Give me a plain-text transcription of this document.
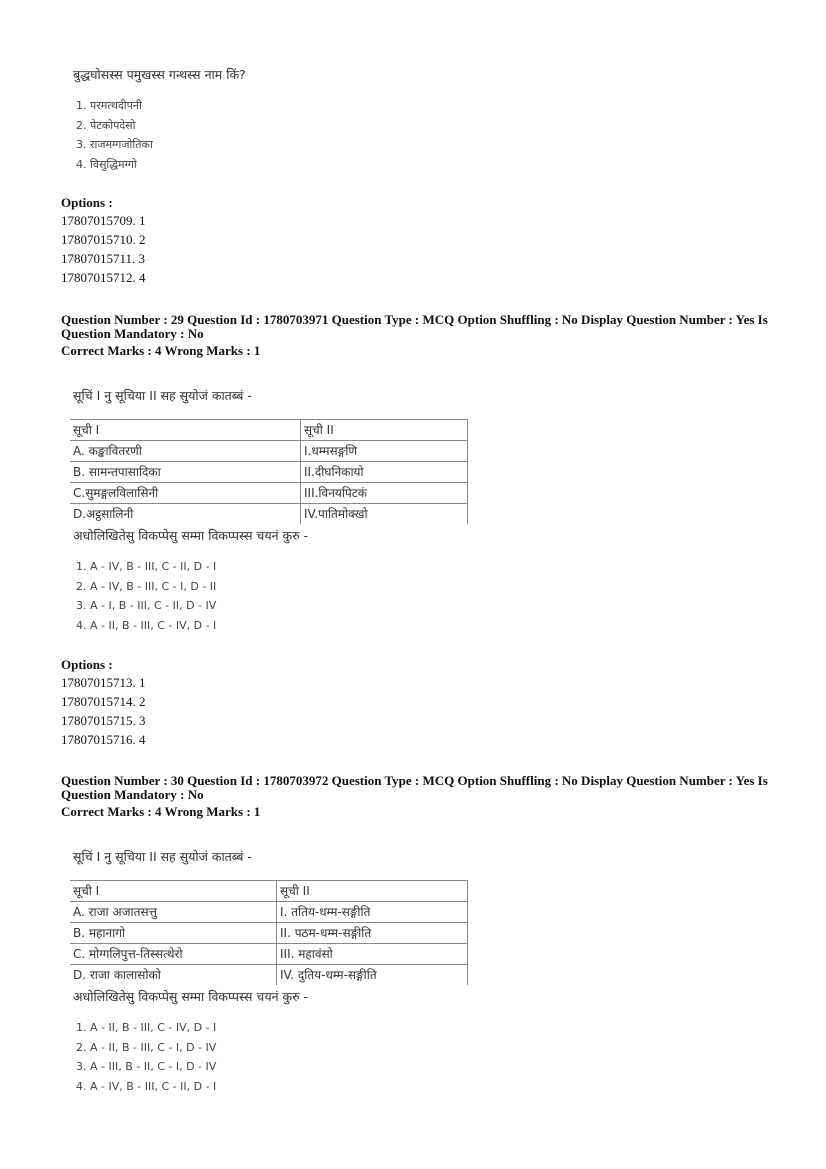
बुद्धघोसस्स पमुखस्स गन्थस्स नाम किं?
1. परमत्थदीपनी
2. पेटकोपदेसो
3. राजमग्गजोतिका
4. विसुद्धिमग्गो
Options :
17807015709. 1
17807015710. 2
17807015711. 3
17807015712. 4
Question Number : 29 Question Id : 1780703971 Question Type : MCQ Option Shuffling : No Display Question Number : Yes Is
Question Mandatory : No
Correct Marks : 4 Wrong Marks : 1
सूचिं I नु सूचिया II सह सुयोजं कातब्बं -
सूची I	सूची II
A. कङ्खावितरणी	I.धम्मसङ्गणि
B. सामन्तपासादिका	II.दीघनिकायो
C.सुमङ्गलविलासिनी	III.विनयपिटकं
D.अट्ठसालिनी	IV.पातिमोक्खो
अधोलिखितेसु विकप्पेसु सम्मा विकप्पस्स चयनं कुरु -
1. A - IV, B - III, C - II, D - I
2. A - IV, B - III, C - I, D - II
3. A - I, B - III, C - II, D - IV
4. A - II, B - III, C - IV, D - I
Options :
17807015713. 1
17807015714. 2
17807015715. 3
17807015716. 4
Question Number : 30 Question Id : 1780703972 Question Type : MCQ Option Shuffling : No Display Question Number : Yes Is
Question Mandatory : No
Correct Marks : 4 Wrong Marks : 1
सूचिं I नु सूचिया II सह सुयोजं कातब्बं -
सूची I	सूची II
A. राजा अजातसत्तु	I. ततिय-धम्म-सङ्गीति
B. महानागो	II. पठम-धम्म-सङ्गीति
C. मोग्गलिपुत्त-तिस्सत्थेरो	III. महावंसो
D. राजा कालासोको	IV. दुतिय-धम्म-सङ्गीति
अधोलिखितेसु विकप्पेसु सम्मा विकप्पस्स चयनं कुरु -
1. A - II, B - III, C - IV, D - I
2. A - II, B - III, C - I, D - IV
3. A - III, B - II, C - I, D - IV
4. A - IV, B - III, C - II, D - I
